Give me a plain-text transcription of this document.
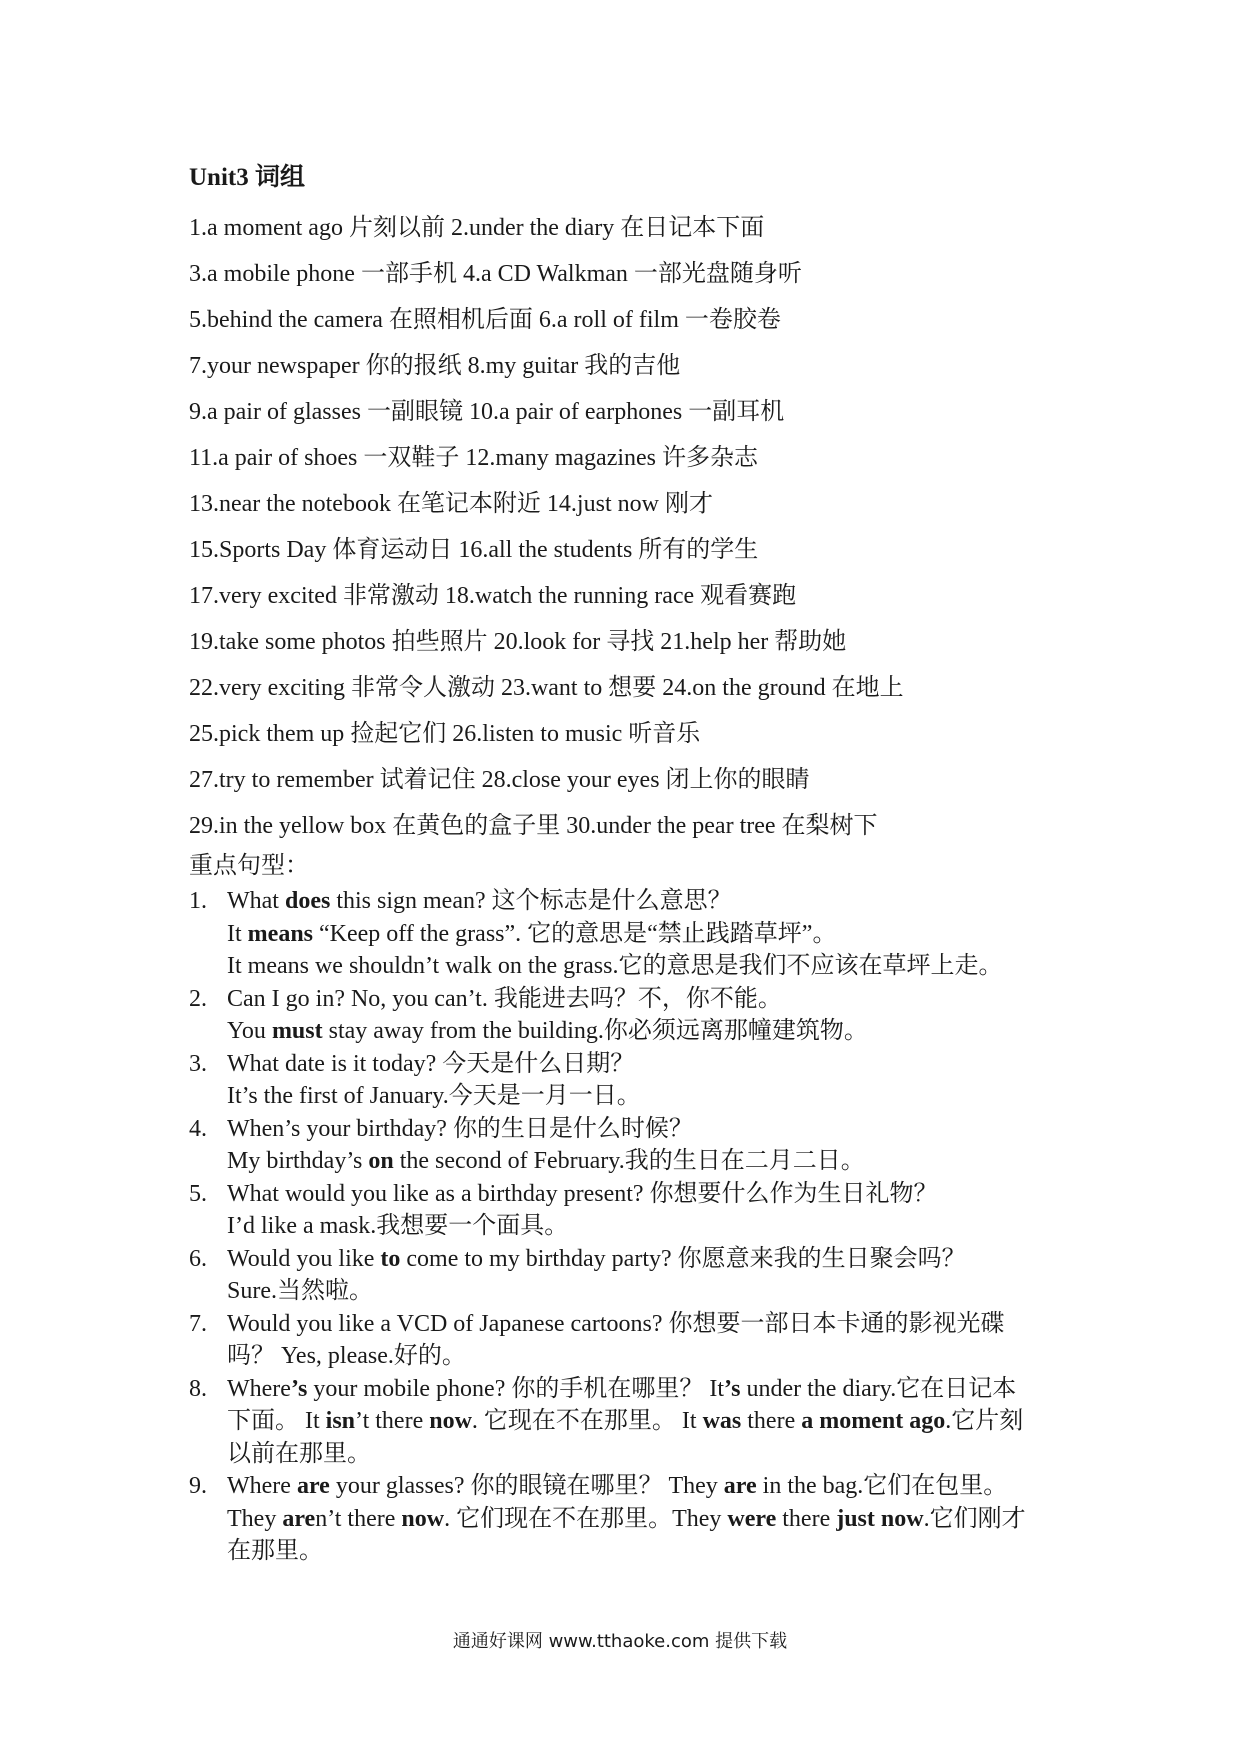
Unit3 词组
1.a moment ago 片刻以前 2.under the diary 在日记本下面
3.a mobile phone 一部手机 4.a CD Walkman 一部光盘随身听
5.behind the camera 在照相机后面 6.a roll of film 一卷胶卷
7.your newspaper 你的报纸 8.my guitar 我的吉他
9.a pair of glasses 一副眼镜 10.a pair of earphones 一副耳机
11.a pair of shoes 一双鞋子 12.many magazines 许多杂志
13.near the notebook 在笔记本附近 14.just now 刚才
15.Sports Day 体育运动日 16.all the students 所有的学生
17.very excited 非常激动 18.watch the running race 观看赛跑
19.take some photos 拍些照片 20.look for 寻找 21.help her 帮助她
22.very exciting 非常令人激动 23.want to 想要 24.on the ground 在地上
25.pick them up 捡起它们 26.listen to music 听音乐
27.try to remember 试着记住 28.close your eyes 闭上你的眼睛
29.in the yellow box 在黄色的盒子里 30.under the pear tree 在梨树下
重点句型：
1. What does this sign mean? 这个标志是什么意思？
It means “Keep off the grass”. 它的意思是“禁止践踏草坪”。
It means we shouldn’t walk on the grass.它的意思是我们不应该在草坪上走。
2. Can I go in? No, you can’t. 我能进去吗？不，你不能。
You must stay away from the building.你必须远离那幢建筑物。
3. What date is it today? 今天是什么日期？
It’s the first of January.今天是一月一日。
4. When’s your birthday? 你的生日是什么时候？
My birthday’s on the second of February.我的生日在二月二日。
5. What would you like as a birthday present? 你想要什么作为生日礼物？
I’d like a mask.我想要一个面具。
6. Would you like to come to my birthday party? 你愿意来我的生日聚会吗？
Sure.当然啦。
7. Would you like a VCD of Japanese cartoons? 你想要一部日本卡通的影视光碟
吗？ Yes, please.好的。
8. Where’s your mobile phone? 你的手机在哪里？ It’s under the diary.它在日记本
下面。 It isn’t there now. 它现在不在那里。 It was there a moment ago.它片刻
以前在那里。
9. Where are your glasses? 你的眼镜在哪里？ They are in the bag.它们在包里。
They aren’t there now. 它们现在不在那里。They were there just now.它们刚才
在那里。
通通好课网 www.tthaoke.com 提供下载
